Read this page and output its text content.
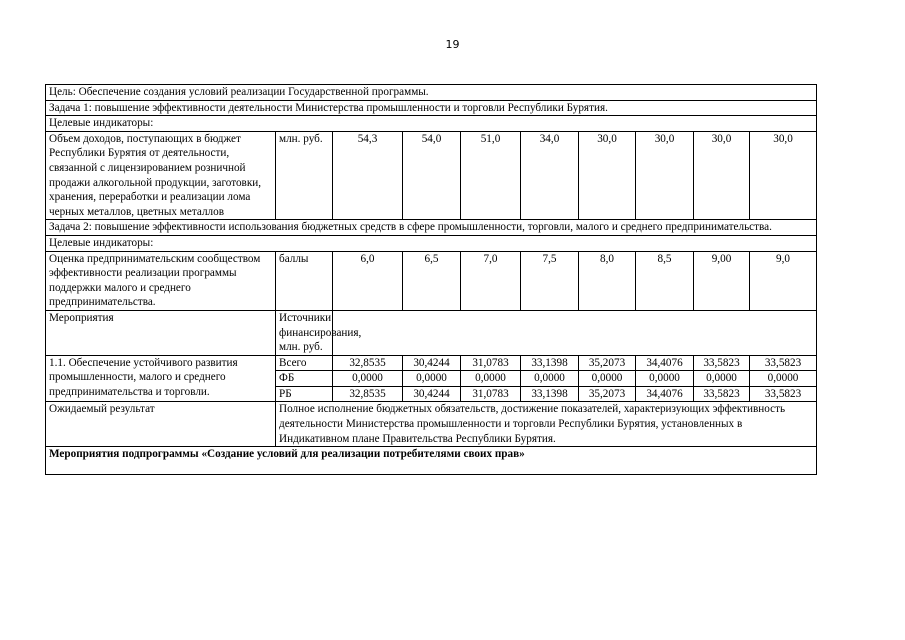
19
Цель: Обеспечение создания условий реализации Государственной программы.									
Задача 1: повышение эффективности деятельности Министерства промышленности и торговли Республики Бурятия.									
Целевые индикаторы:									
Объем доходов, поступающих в бюджет Республики Бурятия от деятельности, связанной с лицензированием розничной продажи алкогольной продукции, заготовки, хранения, переработки и реализации лома черных металлов, цветных металлов	млн. руб.	54,3	54,0	51,0	34,0	30,0	30,0	30,0	30,0
Задача 2: повышение эффективности использования бюджетных средств в сфере промышленности, торговли, малого и среднего предпринимательства.									
Целевые индикаторы:									
Оценка предпринимательским сообществом эффективности реализации программы поддержки малого и среднего предпринимательства.	баллы	6,0	6,5	7,0	7,5	8,0	8,5	9,00	9,0
Мероприятия	Источники финансирования, млн. руб.								
1.1. Обеспечение устойчивого развития промышленности, малого и среднего предпринимательства и торговли.	Всего	32,8535	30,4244	31,0783	33,1398	35,2073	34,4076	33,5823	33,5823
	ФБ	0,0000	0,0000	0,0000	0,0000	0,0000	0,0000	0,0000	0,0000
	РБ	32,8535	30,4244	31,0783	33,1398	35,2073	34,4076	33,5823	33,5823
Ожидаемый результат	Полное исполнение бюджетных обязательств, достижение показателей, характеризующих эффективность деятельности Министерства промышленности и торговли Республики Бурятия, установленных в Индикативном плане Правительства Республики Бурятия.								
Мероприятия подпрограммы «Создание условий для реализации потребителями своих прав»									
